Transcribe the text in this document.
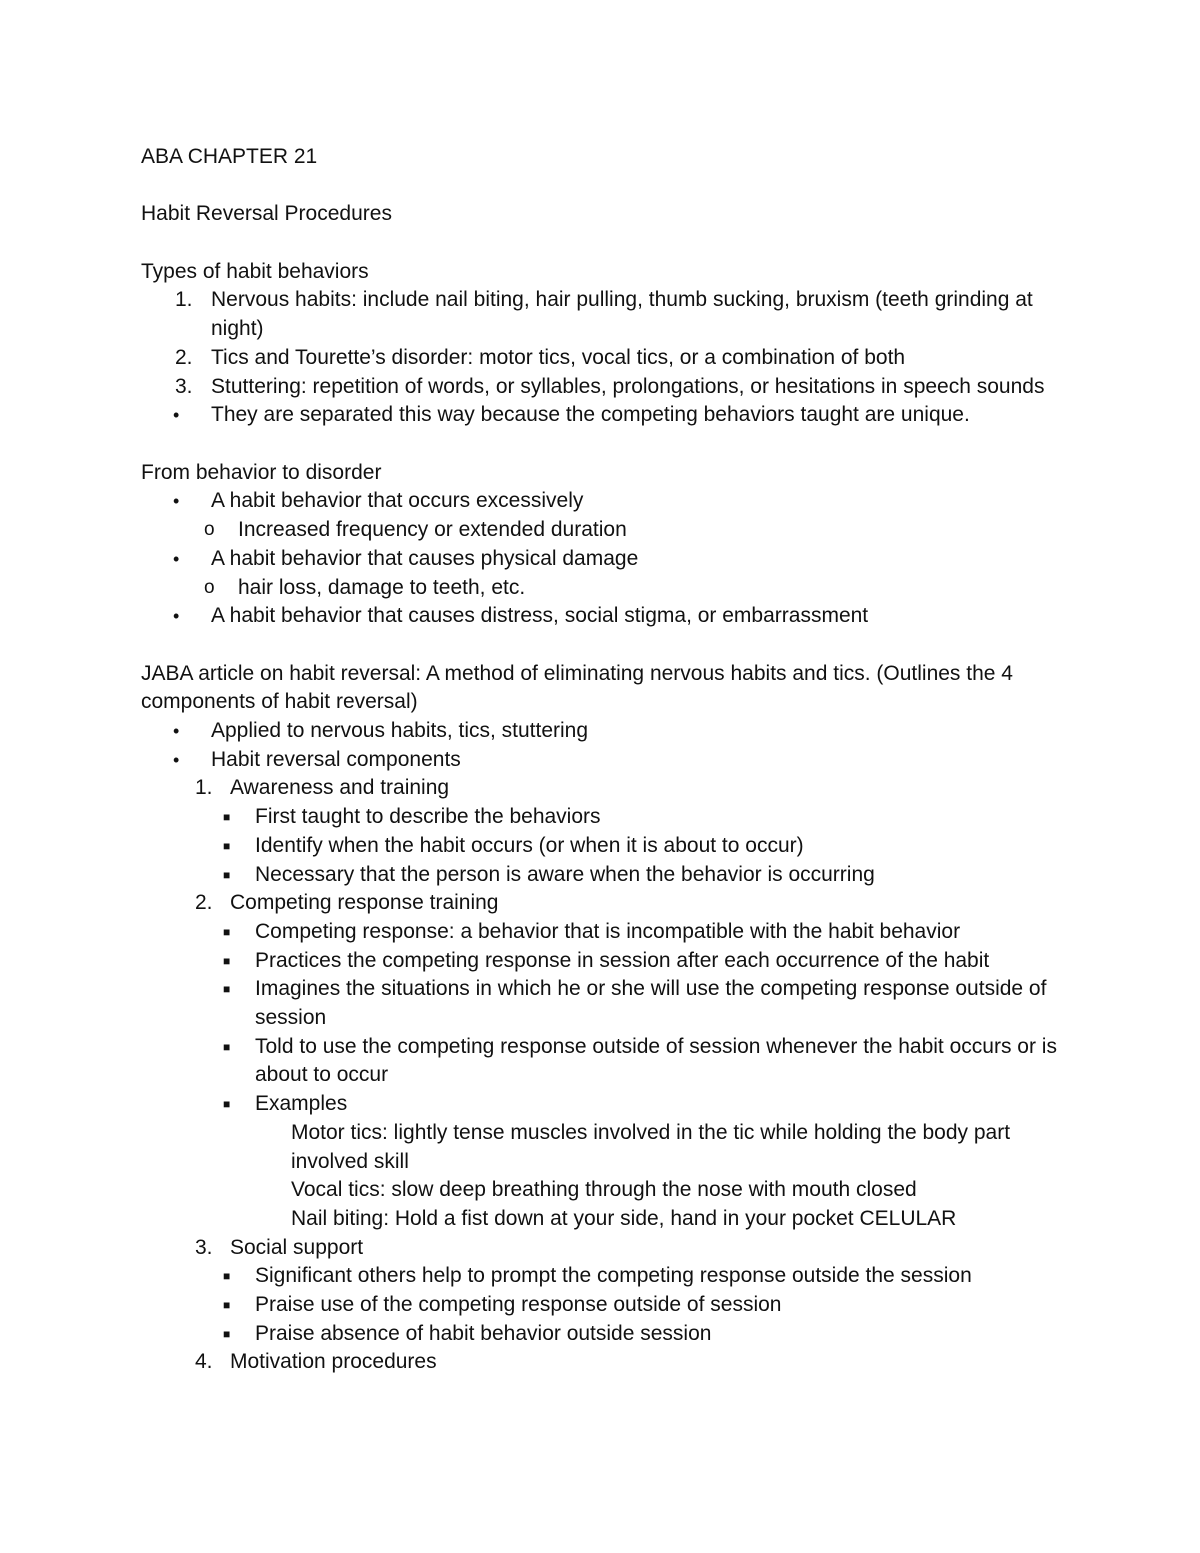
ABA CHAPTER 21

Habit Reversal Procedures

Types of habit behaviors

1. Nervous habits: include nail biting, hair pulling, thumb sucking, bruxism (teeth grinding at night)
2. Tics and Tourette’s disorder: motor tics, vocal tics, or a combination of both
3. Stuttering: repetition of words, or syllables, prolongations, or hesitations in speech sounds
•	They are separated this way because the competing behaviors taught are unique.

From behavior to disorder

•	A habit behavior that occurs excessively
o	Increased frequency or extended duration
•	A habit behavior that causes physical damage
o	hair loss, damage to teeth, etc.
•	A habit behavior that causes distress, social stigma, or embarrassment

JABA article on habit reversal: A method of eliminating nervous habits and tics. (Outlines the 4 components of habit reversal)

•	Applied to nervous habits, tics, stuttering
•	Habit reversal components
1. Awareness and training
■	First taught to describe the behaviors
■	Identify when the habit occurs (or when it is about to occur)
■	Necessary that the person is aware when the behavior is occurring
2. Competing response training
■	Competing response: a behavior that is incompatible with the habit behavior
■	Practices the competing response in session after each occurrence of the habit
■	Imagines the situations in which he or she will use the competing response outside of session
■	Told to use the competing response outside of session whenever the habit occurs or is about to occur
■	Examples
Motor tics: lightly tense muscles involved in the tic while holding the body part involved skill
Vocal tics: slow deep breathing through the nose with mouth closed
Nail biting: Hold a fist down at your side, hand in your pocket CELULAR
3. Social support
■	Significant others help to prompt the competing response outside the session
■	Praise use of the competing response outside of session
■	Praise absence of habit behavior outside session
4. Motivation procedures
